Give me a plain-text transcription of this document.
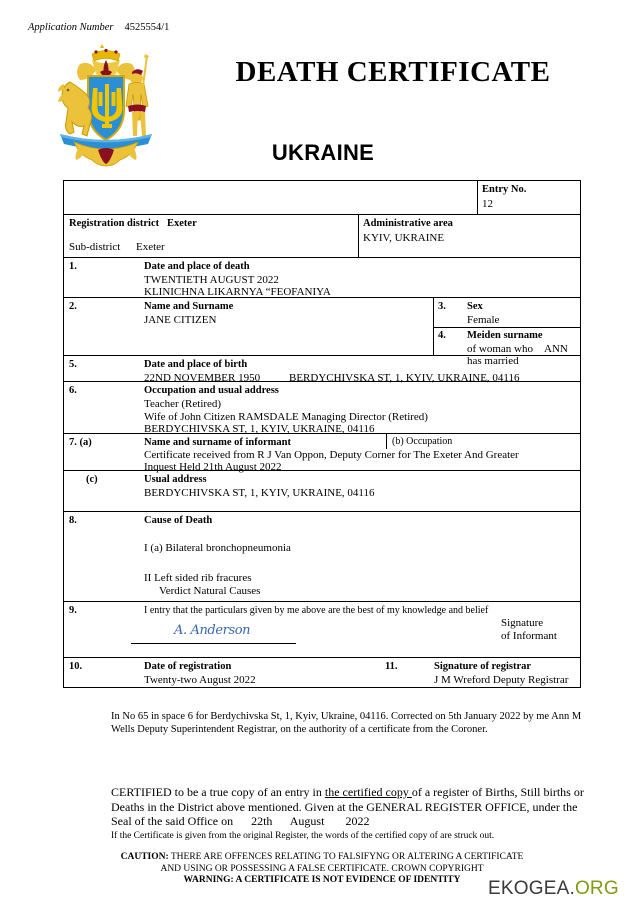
Application Number 4525554/1
DEATH CERTIFICATE
UKRAINE
Entry No.
12
Registration district Exeter
Sub-district Exeter
Administrative area
KYIV, UKRAINE
1.	Date and place of death
TWENTIETH AUGUST 2022
KLINICHNA LIKARNYA “FEOFANIYA
2.	Name and Surname
JANE CITIZEN
3. Sex
Female
4. Meiden surname
of woman who
has married
ANN
5.	Date and place of birth
22ND NOVEMBER 1950	BERDYCHIVSKA ST, 1, KYIV, UKRAINE, 04116
6.	Occupation and usual address
Teacher (Retired)
Wife of John Citizen RAMSDALE Managing Director (Retired)
BERDYCHIVSKA ST, 1, KYIV, UKRAINE, 04116
7. (a)	Name and surname of informant	(b) Occupation
Certificate received from R J Van Oppon, Deputy Corner for The Exeter And Greater
Inquest Held 21th August 2022
(c)	Usual address
BERDYCHIVSKA ST, 1, KYIV, UKRAINE, 04116
8.	Cause of Death
I (a) Bilateral bronchopneumonia
II Left sided rib fracures
Verdict Natural Causes
9.	I entry that the particulars given by me above are the best of my knowledge and belief
A. Anderson	Signature
of Informant
10.	Date of registration
Twenty-two August 2022
11.	Signature of registrar
J M Wreford Deputy Registrar
In No 65 in space 6 for Berdychivska St, 1, Kyiv, Ukraine, 04116. Corrected on 5th January 2022 by me Ann M
Wells Deputy Superintendent Registrar, on the authority of a certificate from the Coroner.
CERTIFIED to be a true copy of an entry in the certified copy of a register of Births, Still births or Deaths in the District above mentioned. Given at the GENERAL REGISTER OFFICE, under the Seal of the said Office on 22th August 2022
If the Certificate is given from the original Register, the words of the certified copy of are struck out.
CAUTION: THERE ARE OFFENCES RELATING TO FALSIFYNG OR ALTERING A CERTIFICATE
AND USING OR POSSESSING A FALSE CERTIFICATE. CROWN COPYRIGHT
WARNING: A CERTIFICATE IS NOT EVIDENCE OF IDENTITY	EKOGEA.ORG
